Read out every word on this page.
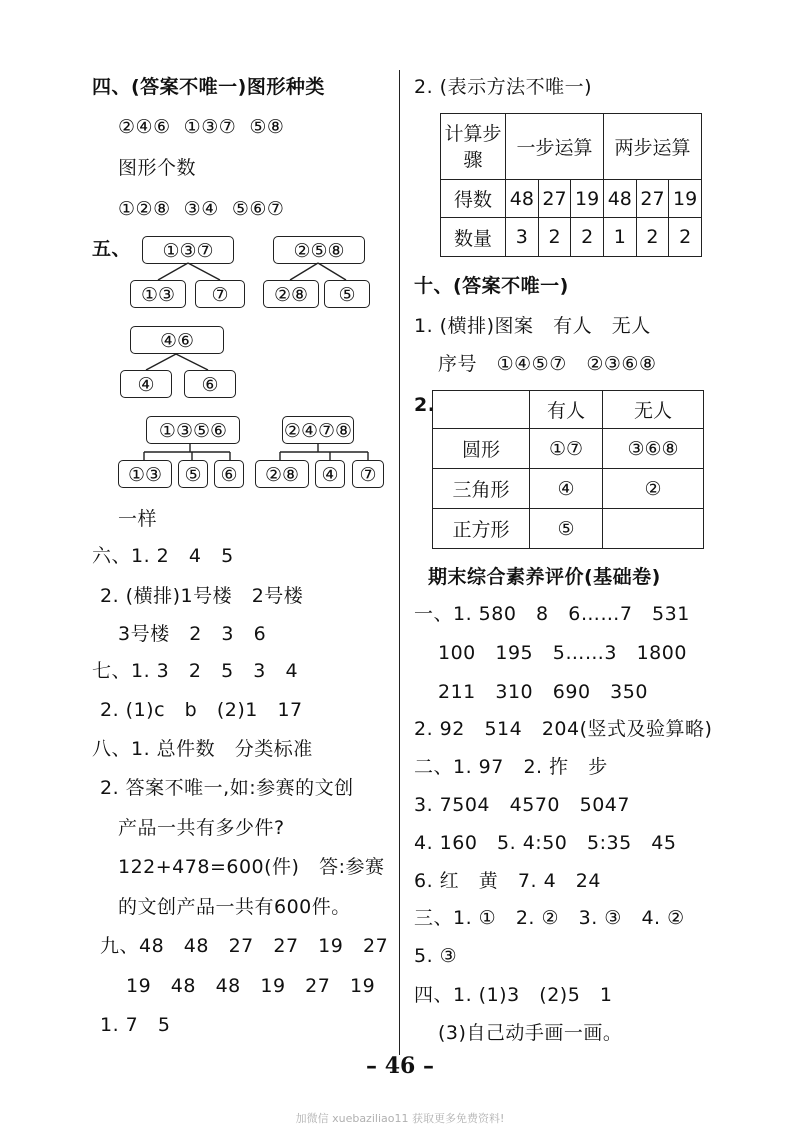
四、(答案不唯一)图形种类
②④⑥  ①③⑦  ⑤⑧
图形个数
①②⑧  ③④  ⑤⑥⑦
五、	①③⑦
①③	⑦
②⑤⑧
②⑧	⑤
④⑥
④	⑥
①③⑤⑥
①③	⑤ ⑥
②④⑦⑧
②⑧	④	⑦
一样
六、1. 2   4   5
2. (横排)1号楼   2号楼
3号楼   2   3   6
七、1. 3   2   5   3   4
2. (1)c   b   (2)1   17
八、1. 总件数   分类标准
2. 答案不唯一,如:参赛的文创
产品一共有多少件?
122+478=600(件)   答:参赛
的文创产品一共有600件。
九、48   48   27   27   19   27
19   48   48   19   27   19
1. 7   5
2. (表示方法不唯一)
计算步骤	一步运算			两步运算		
得数	48	27	19	48	27	19
数量	3	2	2	1	2	2
十、(答案不唯一)
1. (横排)图案   有人   无人
序号   ①④⑤⑦   ②③⑥⑧
2.
		有人	无人
圆形	①⑦	③⑥⑧
三角形	④	②
正方形	⑤	
期末综合素养评价(基础卷)
一、1. 580   8   6……7   531
100   195   5……3   1800
211   310   690   350
2. 92   514   204(竖式及验算略)
二、1. 97   2. 拃   步
3. 7504   4570   5047
4. 160   5. 4:50   5:35   45
6. 红   黄   7. 4   24
三、1. ①   2. ②   3. ③   4. ②
5. ③
四、1. (1)3   (2)5   1
(3)自己动手画一画。
– 46 –
加微信 xuebaziliao11 获取更多免费资料!
